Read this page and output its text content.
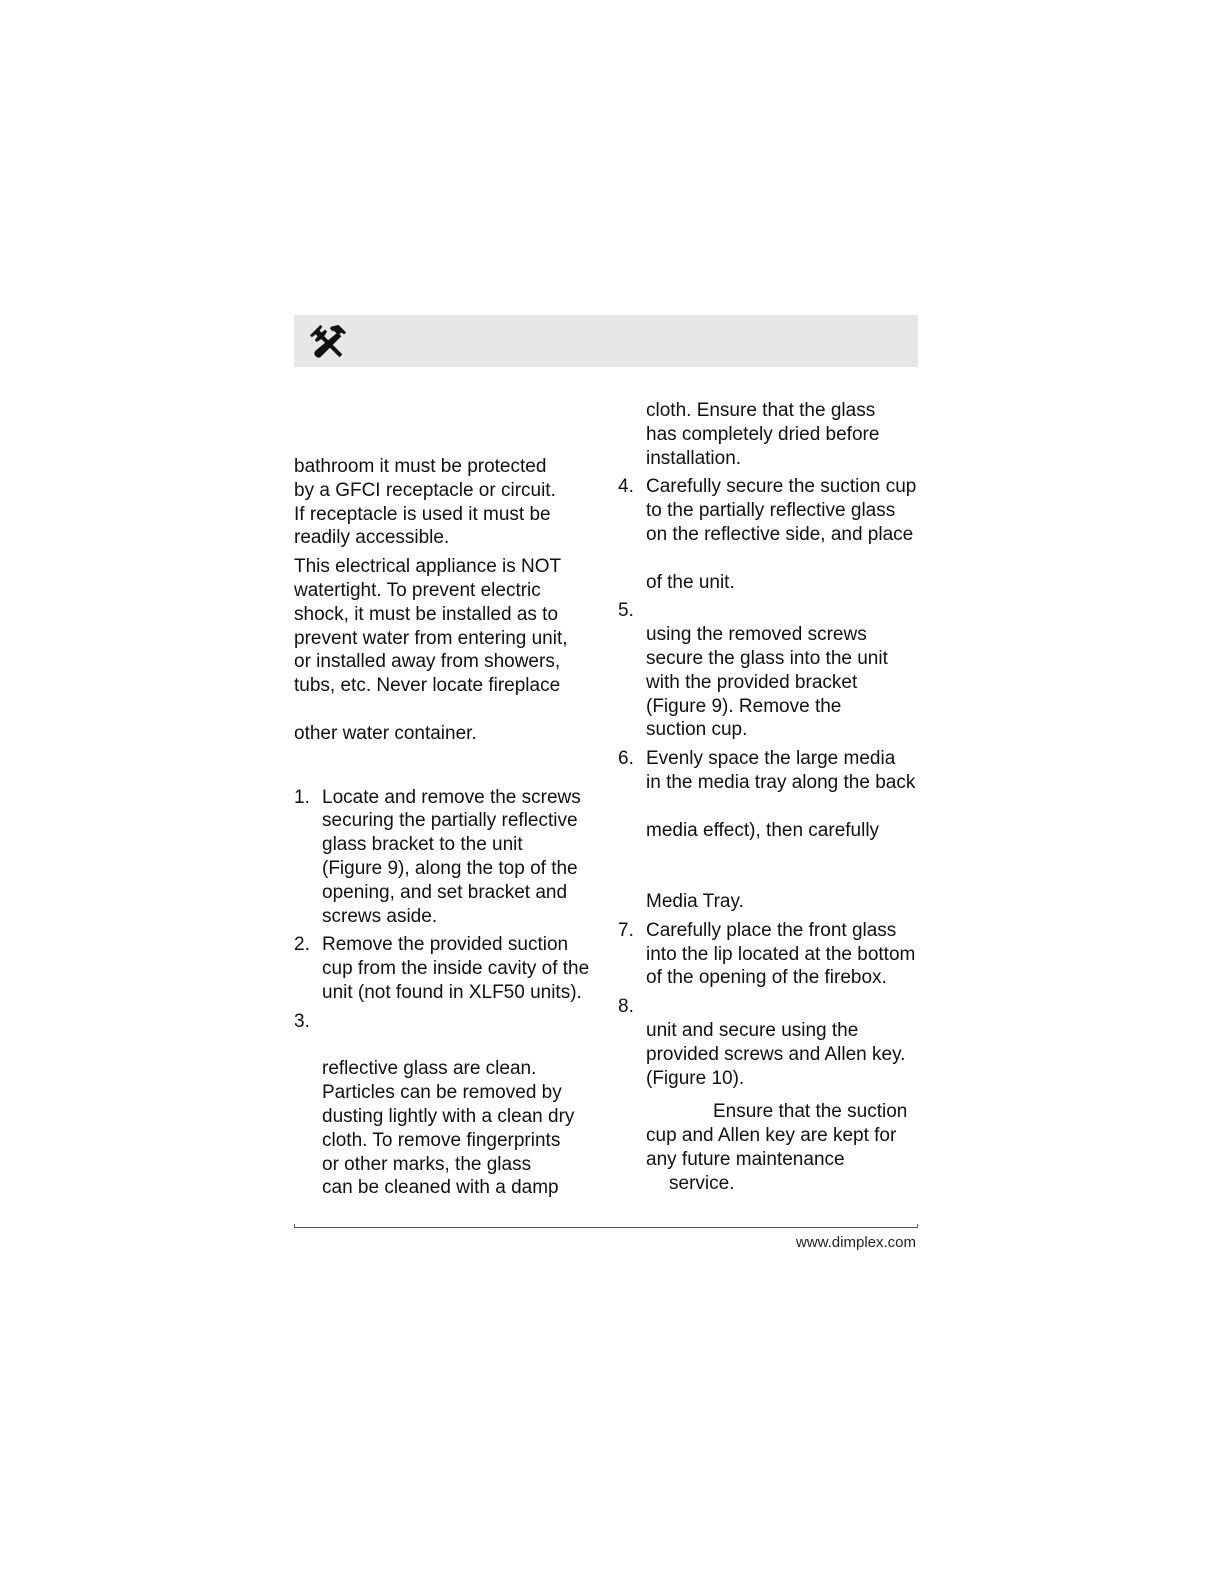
bathroom it must be protected
by a GFCI receptacle or circuit.
If receptacle is used it must be
readily accessible.
This electrical appliance is NOT
watertight. To prevent electric
shock, it must be installed as to
prevent water from entering unit,
or installed away from showers,
tubs, etc. Never locate fireplace
other water container.
1. Locate and remove the screws
securing the partially reflective
glass bracket to the unit
(Figure 9), along the top of the
opening, and set bracket and
screws aside.
2. Remove the provided suction
cup from the inside cavity of the
unit (not found in XLF50 units).
3.
reflective glass are clean.
Particles can be removed by
dusting lightly with a clean dry
cloth. To remove fingerprints
or other marks, the glass
can be cleaned with a damp
cloth. Ensure that the glass
has completely dried before
installation.
4. Carefully secure the suction cup
to the partially reflective glass
on the reflective side, and place
of the unit.
5.
using the removed screws
secure the glass into the unit
with the provided bracket
(Figure 9). Remove the
suction cup.
6. Evenly space the large media
in the media tray along the back
media effect), then carefully
Media Tray.
7. Carefully place the front glass
into the lip located at the bottom
of the opening of the firebox.
8.
unit and secure using the
provided screws and Allen key.
(Figure 10).
Ensure that the suction
cup and Allen key are kept for
any future maintenance
service.
www.dimplex.com
